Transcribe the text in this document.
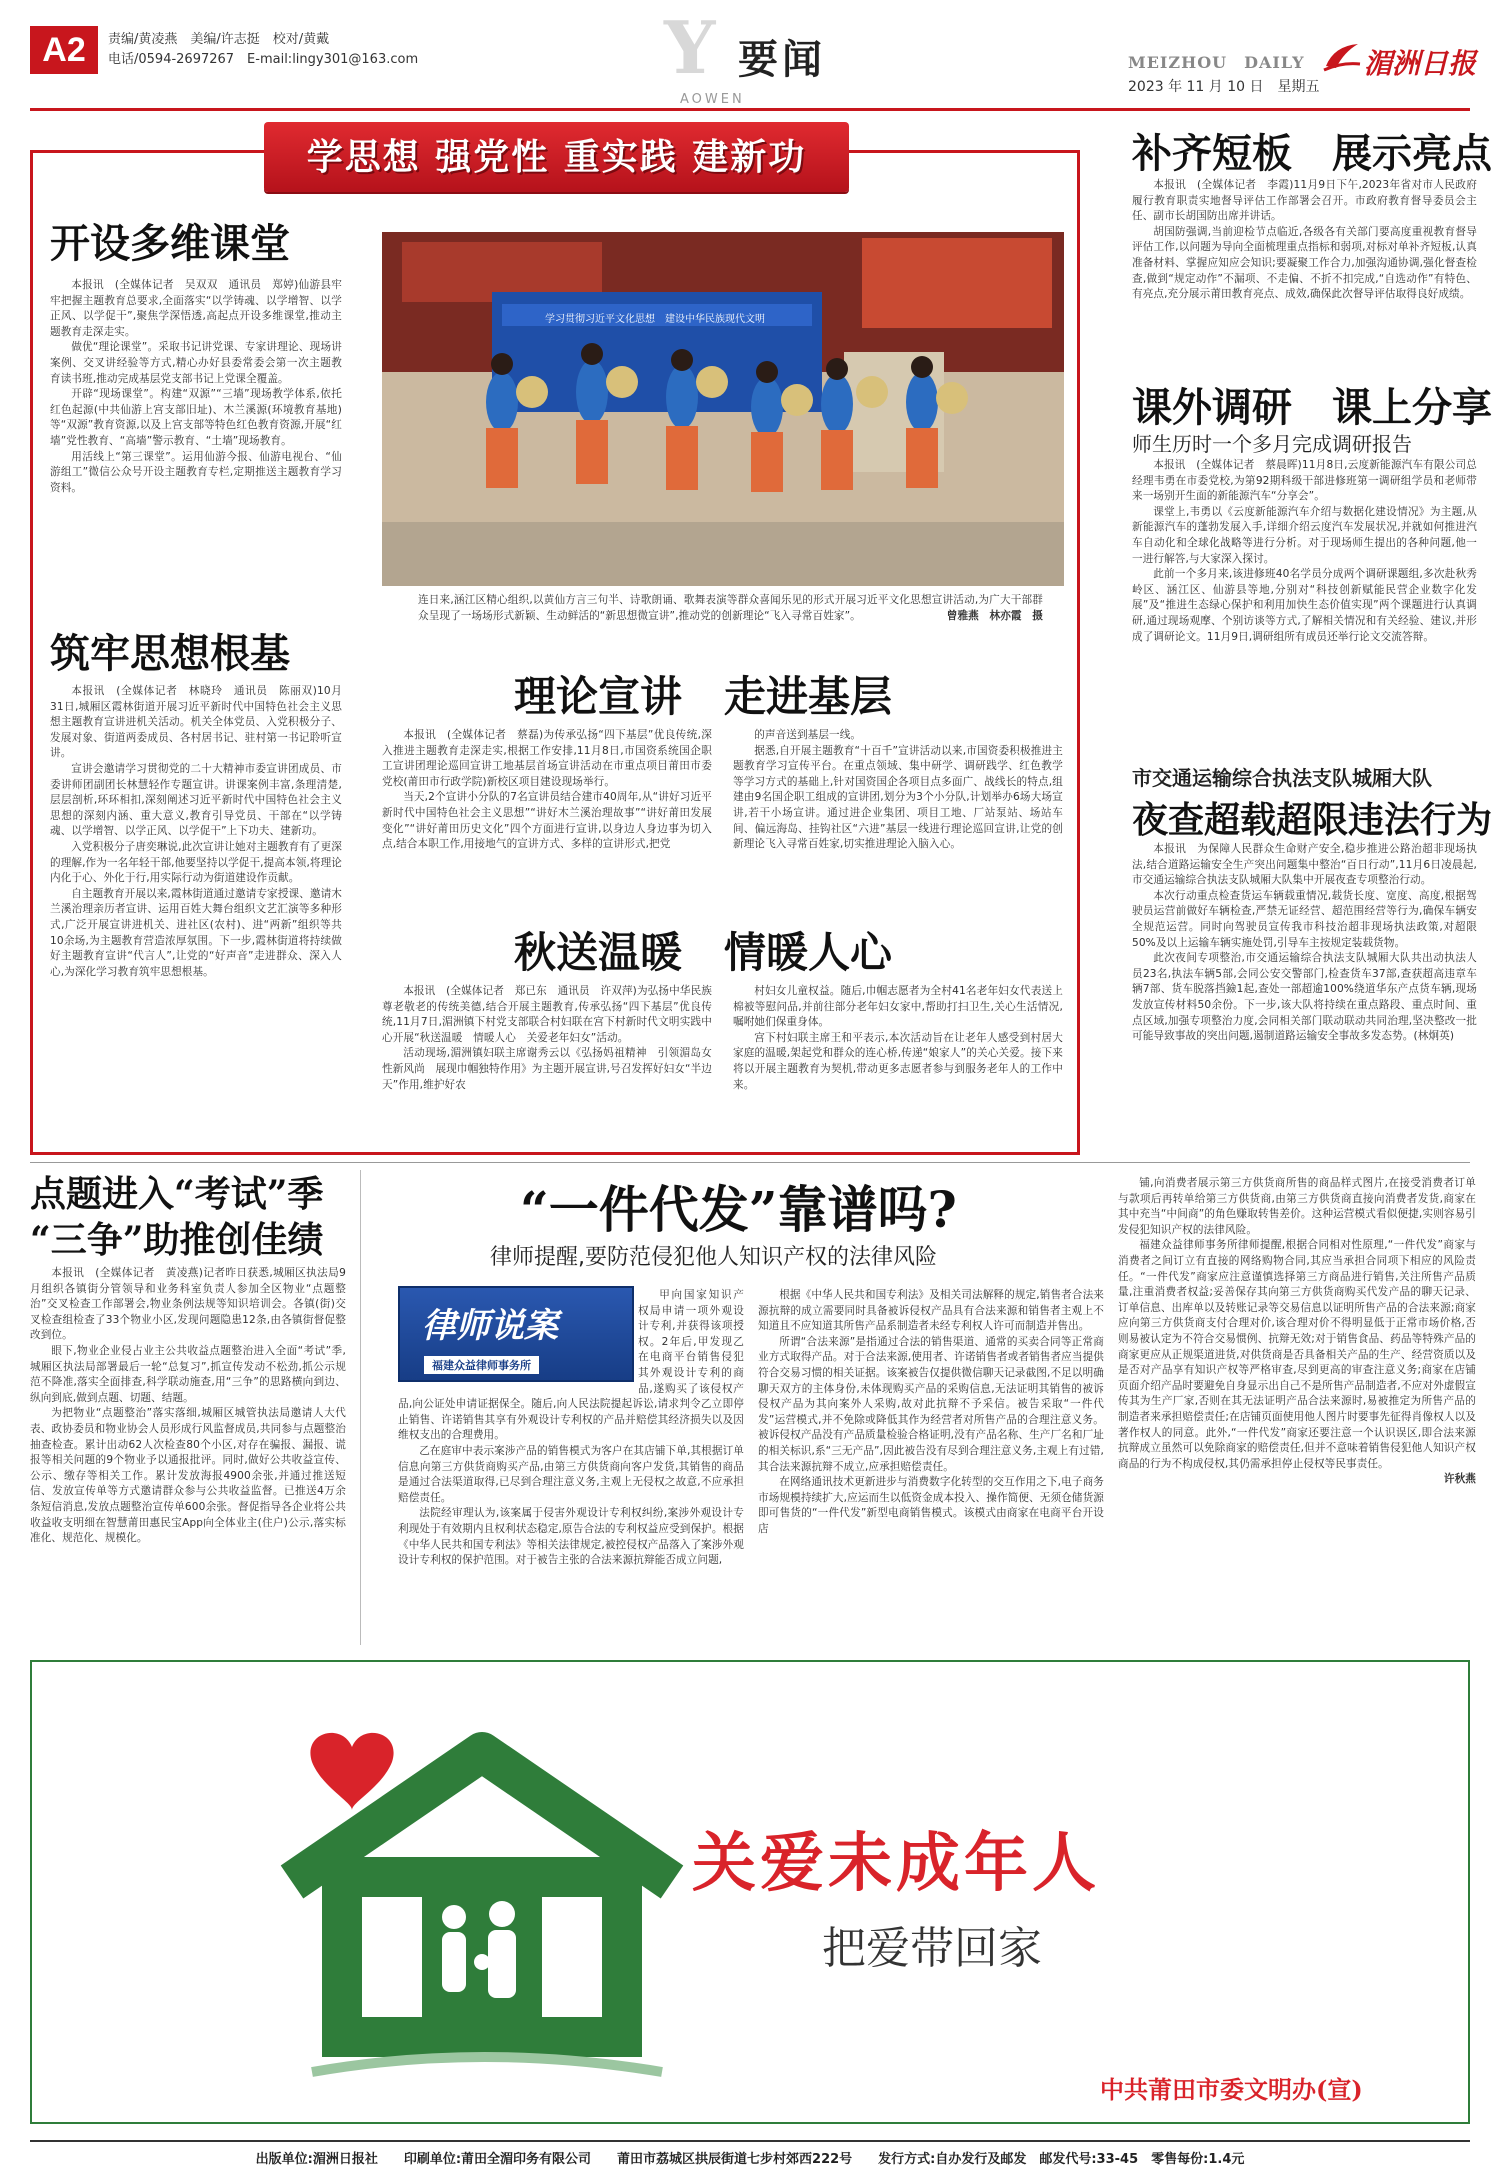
A2	责编/黄凌燕　美编/许志挺　校对/黄戴
电话/0594-2697267　E-mail:lingy301@163.com	Y 要闻
AOWEN
MEIZHOU　DAILY 湄洲日报
2023 年 11 月 10 日　星期五
学思想 强党性 重实践 建新功
开设多维课堂

本报讯　(全媒体记者　吴双双　通讯员　郑婷)仙游县牢牢把握主题教育总要求,全面落实“以学铸魂、以学增智、以学正风、以学促干”,聚焦学深悟透,高起点开设多维课堂,推动主题教育走深走实。

做优“理论课堂”。采取书记讲党课、专家讲理论、现场讲案例、交叉讲经验等方式,精心办好县委常委会第一次主题教育读书班,推动完成基层党支部书记上党课全覆盖。

开辟“现场课堂”。构建“双源”“三墙”现场教学体系,依托红色起源(中共仙游上宫支部旧址)、木兰溪源(环境教育基地)等“双源”教育资源,以及上宫支部等特色红色教育资源,开展“红墙”党性教育、“高墙”警示教育、“土墙”现场教育。

用活线上“第三课堂”。运用仙游今报、仙游电视台、“仙游组工”微信公众号开设主题教育专栏,定期推送主题教育学习资料。

筑牢思想根基

本报讯　(全媒体记者　林晓玲　通讯员　陈丽双)10月31日,城厢区霞林街道开展习近平新时代中国特色社会主义思想主题教育宣讲进机关活动。机关全体党员、入党积极分子、发展对象、街道两委成员、各村居书记、驻村第一书记聆听宣讲。

宣讲会邀请学习贯彻党的二十大精神市委宣讲团成员、市委讲师团副团长林慧轻作专题宣讲。讲课案例丰富,条理清楚,层层剖析,环环相扣,深刻阐述习近平新时代中国特色社会主义思想的深刻内涵、重大意义,教育引导党员、干部在“以学铸魂、以学增智、以学正风、以学促干”上下功夫、建新功。

入党积极分子唐奕琳说,此次宣讲让她对主题教育有了更深的理解,作为一名年轻干部,他要坚持以学促干,提高本领,将理论内化于心、外化于行,用实际行动为街道建设作贡献。

自主题教育开展以来,霞林街道通过邀请专家授课、邀请木兰溪治理亲历者宣讲、运用百姓大舞台组织文艺汇演等多种形式,广泛开展宣讲进机关、进社区(农村)、进“两新”组织等共10余场,为主题教育营造浓厚氛围。下一步,霞林街道将持续做好主题教育宣讲“代言人”,让党的“好声音”走进群众、深入人心,为深化学习教育筑牢思想根基。

学习贯彻习近平文化思想　建设中华民族现代文明
连日来,涵江区精心组织,以黄仙方言三句半、诗歌朗诵、歌舞表演等群众喜闻乐见的形式开展习近平文化思想宣讲活动,为广大干部群众呈现了一场场形式新颖、生动鲜活的“新思想微宣讲”,推动党的创新理论“飞入寻常百姓家”。	曾雅燕　林亦霞　摄
理论宣讲　走进基层

本报讯　(全媒体记者　蔡磊)为传承弘扬“四下基层”优良传统,深入推进主题教育走深走实,根据工作安排,11月8日,市国资系统国企职工宣讲团理论巡回宣讲工地基层首场宣讲活动在市重点项目莆田市委党校(莆田市行政学院)新校区项目建设现场举行。

当天,2个宣讲小分队的7名宣讲员结合建市40周年,从“讲好习近平新时代中国特色社会主义思想”“讲好木兰溪治理故事”“讲好莆田发展变化”“讲好莆田历史文化”四个方面进行宣讲,以身边人身边事为切入点,结合本职工作,用接地气的宣讲方式、多样的宣讲形式,把党

的声音送到基层一线。

据悉,自开展主题教育“十百千”宣讲活动以来,市国资委积极推进主题教育学习宣传平台。在重点领域、集中研学、调研践学、红色教学等学习方式的基础上,针对国资国企各项目点多面广、战线长的特点,组建由9名国企职工组成的宣讲团,划分为3个小分队,计划举办6场大场宣讲,若干小场宣讲。通过进企业集团、项目工地、厂站泵站、场站车间、偏远海岛、挂钩社区“六进”基层一线进行理论巡回宣讲,让党的创新理论飞入寻常百姓家,切实推进理论入脑入心。

秋送温暖　情暖人心

本报讯　(全媒体记者　郑已东　通讯员　许双萍)为弘扬中华民族尊老敬老的传统美德,结合开展主题教育,传承弘扬“四下基层”优良传统,11月7日,湄洲镇下村党支部联合村妇联在宫下村新时代文明实践中心开展“秋送温暖　情暖人心　关爱老年妇女”活动。

活动现场,湄洲镇妇联主席谢秀云以《弘扬妈祖精神　引领湄岛女性新风尚　展现巾帼独特作用》为主题开展宣讲,号召发挥好妇女“半边天”作用,维护好农

村妇女儿童权益。随后,巾帼志愿者为全村41名老年妇女代表送上棉被等慰问品,并前往部分老年妇女家中,帮助打扫卫生,关心生活情况,嘱咐她们保重身体。

宫下村妇联主席王和平表示,本次活动旨在让老年人感受到村居大家庭的温暖,架起党和群众的连心桥,传递“娘家人”的关心关爱。接下来将以开展主题教育为契机,带动更多志愿者参与到服务老年人的工作中来。

补齐短板　展示亮点

本报讯　(全媒体记者　李霞)11月9日下午,2023年省对市人民政府履行教育职责实地督导评估工作部署会召开。市政府教育督导委员会主任、副市长胡国防出席并讲话。

胡国防强调,当前迎检节点临近,各级各有关部门要高度重视教育督导评估工作,以问题为导向全面梳理重点指标和弱项,对标对单补齐短板,认真准备材料、掌握应知应会知识;要凝聚工作合力,加强沟通协调,强化督查检查,做到“规定动作”不漏项、不走偏、不折不扣完成,“自选动作”有特色、有亮点,充分展示莆田教育亮点、成效,确保此次督导评估取得良好成绩。

课外调研　课上分享
师生历时一个多月完成调研报告

本报讯　(全媒体记者　蔡晨晖)11月8日,云度新能源汽车有限公司总经理韦勇在市委党校,为第92期科级干部进修班第一调研组学员和老师带来一场别开生面的新能源汽车“分享会”。

课堂上,韦勇以《云度新能源汽车介绍与数据化建设情况》为主题,从新能源汽车的蓬勃发展入手,详细介绍云度汽车发展状况,并就如何推进汽车自动化和全球化战略等进行分析。对于现场师生提出的各种问题,他一一进行解答,与大家深入探讨。

此前一个多月来,该进修班40名学员分成两个调研课题组,多次赴秋秀岭区、涵江区、仙游县等地,分别对“科技创新赋能民营企业数字化发展”及“推进生态绿心保护和利用加快生态价值实现”两个课题进行认真调研,通过现场观摩、个别访谈等方式,了解相关情况和有关经验、建议,并形成了调研论文。11月9日,调研组所有成员还举行论文交流答辩。

市交通运输综合执法支队城厢大队
夜查超载超限违法行为

本报讯　为保障人民群众生命财产安全,稳步推进公路治超非现场执法,结合道路运输安全生产突出问题集中整治“百日行动”,11月6日凌晨起,市交通运输综合执法支队城厢大队集中开展夜查专项整治行动。

本次行动重点检查货运车辆载重情况,载货长度、宽度、高度,根据驾驶员运营前做好车辆检查,严禁无证经营、超范围经营等行为,确保车辆安全规范运营。同时向驾驶员宣传我市科技治超非现场执法政策,对超限50%及以上运输车辆实施处罚,引导车主按规定装载货物。

此次夜间专项整治,市交通运输综合执法支队城厢大队共出动执法人员23名,执法车辆5部,会同公安交警部门,检查货车37部,查获超高违章车辆7部、货车脱落挡鐱1起,查处一部超逾100%绕道华东产点货车辆,现场发放宣传材料50余份。下一步,该大队将持续在重点路段、重点时间、重点区域,加强专项整治力度,会同相关部门联动联动共同治理,坚决整改一批可能导致事故的突出问题,遏制道路运输安全事故多发态势。(林炯英)

点题进入“考试”季
“三争”助推创佳绩

本报讯　(全媒体记者　黄凌燕)记者昨日获悉,城厢区执法局9月组织各镇街分管领导和业务科室负责人参加全区物业“点题整治”交叉检查工作部署会,物业条例法规等知识培训会。各镇(街)交叉检查组检查了33个物业小区,发现问题隐患12条,由各镇街督促整改到位。

眼下,物业企业侵占业主公共收益点题整治进入全面“考试”季,城厢区执法局部署最后一轮“总复习”,抓宣传发动不松劲,抓公示规范不降准,落实全面排查,科学联动施查,用“三争”的思路横向到边、纵向到底,做到点题、切题、结题。

为把物业“点题整治”落实落细,城厢区城管执法局邀请人大代表、政协委员和物业协会人员形成行风监督成员,共同参与点题整治抽查检查。累计出动62人次检查80个小区,对存在骗报、漏报、谎报等相关问题的9个物业予以通报批评。同时,做好公共收益宣传、公示、缴存等相关工作。累计发放海报4900余张,并通过推送短信、发放宣传单等方式邀请群众参与公共收益监督。已推送4万余条短信消息,发放点题整治宣传单600余张。督促指导各企业将公共收益收支明细在智慧莆田惠民宝App向全体业主(住户)公示,落实标准化、规范化、规模化。

“一件代发”靠谱吗?
律师提醒,要防范侵犯他人知识产权的法律风险
律师说案
福建众益律师事务所

甲向国家知识产权局申请一项外观设计专利,并获得该项授权。2年后,甲发现乙在电商平台销售侵犯其外观设计专利的商品,遂购买了该侵权产品,向公证处申请证据保全。随后,向人民法院提起诉讼,请求判令乙立即停止销售、许诺销售其享有外观设计专利权的产品并赔偿其经济损失以及因维权支出的合理费用。

乙在庭审中表示案涉产品的销售模式为客户在其店铺下单,其根据订单信息向第三方供货商购买产品,由第三方供货商向客户发货,其销售的商品是通过合法渠道取得,已尽到合理注意义务,主观上无侵权之故意,不应承担赔偿责任。

法院经审理认为,该案属于侵害外观设计专利权纠纷,案涉外观设计专利现处于有效期内且权利状态稳定,原告合法的专利权益应受到保护。根据《中华人民共和国专利法》等相关法律规定,被控侵权产品落入了案涉外观设计专利权的保护范围。对于被告主张的合法来源抗辩能否成立问题,

根据《中华人民共和国专利法》及相关司法解释的规定,销售者合法来源抗辩的成立需要同时具备被诉侵权产品具有合法来源和销售者主观上不知道且不应知道其所售产品系制造者未经专利权人许可而制造并售出。

所谓“合法来源”是指通过合法的销售渠道、通常的买卖合同等正常商业方式取得产品。对于合法来源,使用者、许诺销售者或者销售者应当提供符合交易习惯的相关证据。该案被告仅提供微信聊天记录截图,不足以明确聊天双方的主体身份,未体现购买产品的采购信息,无法证明其销售的被诉侵权产品为其向案外人采购,故对此抗辩不予采信。被告采取“一件代发”运营模式,并不免除或降低其作为经营者对所售产品的合理注意义务。被诉侵权产品没有产品质量检验合格证明,没有产品名称、生产厂名和厂址的相关标识,系“三无产品”,因此被告没有尽到合理注意义务,主观上有过错,其合法来源抗辩不成立,应承担赔偿责任。

在网络通讯技术更新进步与消费数字化转型的交互作用之下,电子商务市场规模持续扩大,应运而生以低资金成本投入、操作简便、无须仓储货源即可售货的“一件代发”新型电商销售模式。该模式由商家在电商平台开设店

铺,向消费者展示第三方供货商所售的商品样式图片,在接受消费者订单与款项后再转单给第三方供货商,由第三方供货商直接向消费者发货,商家在其中充当“中间商”的角色赚取转售差价。这种运营模式看似便捷,实则容易引发侵犯知识产权的法律风险。

福建众益律师事务所律师提醒,根据合同相对性原理,“一件代发”商家与消费者之间订立有直接的网络购物合同,其应当承担合同项下相应的风险责任。“一件代发”商家应注意谨慎选择第三方商品进行销售,关注所售产品质量,注重消费者权益;妥善保存其向第三方供货商购买代发产品的聊天记录、订单信息、出库单以及转账记录等交易信息以证明所售产品的合法来源;商家应向第三方供货商支付合理对价,该合理对价不得明显低于正常市场价格,否则易被认定为不符合交易惯例、抗辩无效;对于销售食品、药品等特殊产品的商家更应从正规渠道进货,对供货商是否具备相关产品的生产、经营资质以及是否对产品享有知识产权等严格审查,尽到更高的审查注意义务;商家在店铺页面介绍产品时要避免自身显示出自己不是所售产品制造者,不应对外虚假宣传其为生产厂家,否则在其无法证明产品合法来源时,易被推定为所售产品的制造者来承担赔偿责任;在店铺页面使用他人图片时要事先征得肖像权人以及著作权人的同意。此外,“一件代发”商家还要注意一个认识误区,即合法来源抗辩成立虽然可以免除商家的赔偿责任,但并不意味着销售侵犯他人知识产权商品的行为不构成侵权,其仍需承担停止侵权等民事责任。

许秋燕
关爱未成年人
把爱带回家
中共莆田市委文明办(宣)
出版单位:湄洲日报社　　印刷单位:莆田全湄印务有限公司　　莆田市荔城区拱辰街道七步村郊西222号　　发行方式:自办发行及邮发　邮发代号:33-45　零售每份:1.4元
